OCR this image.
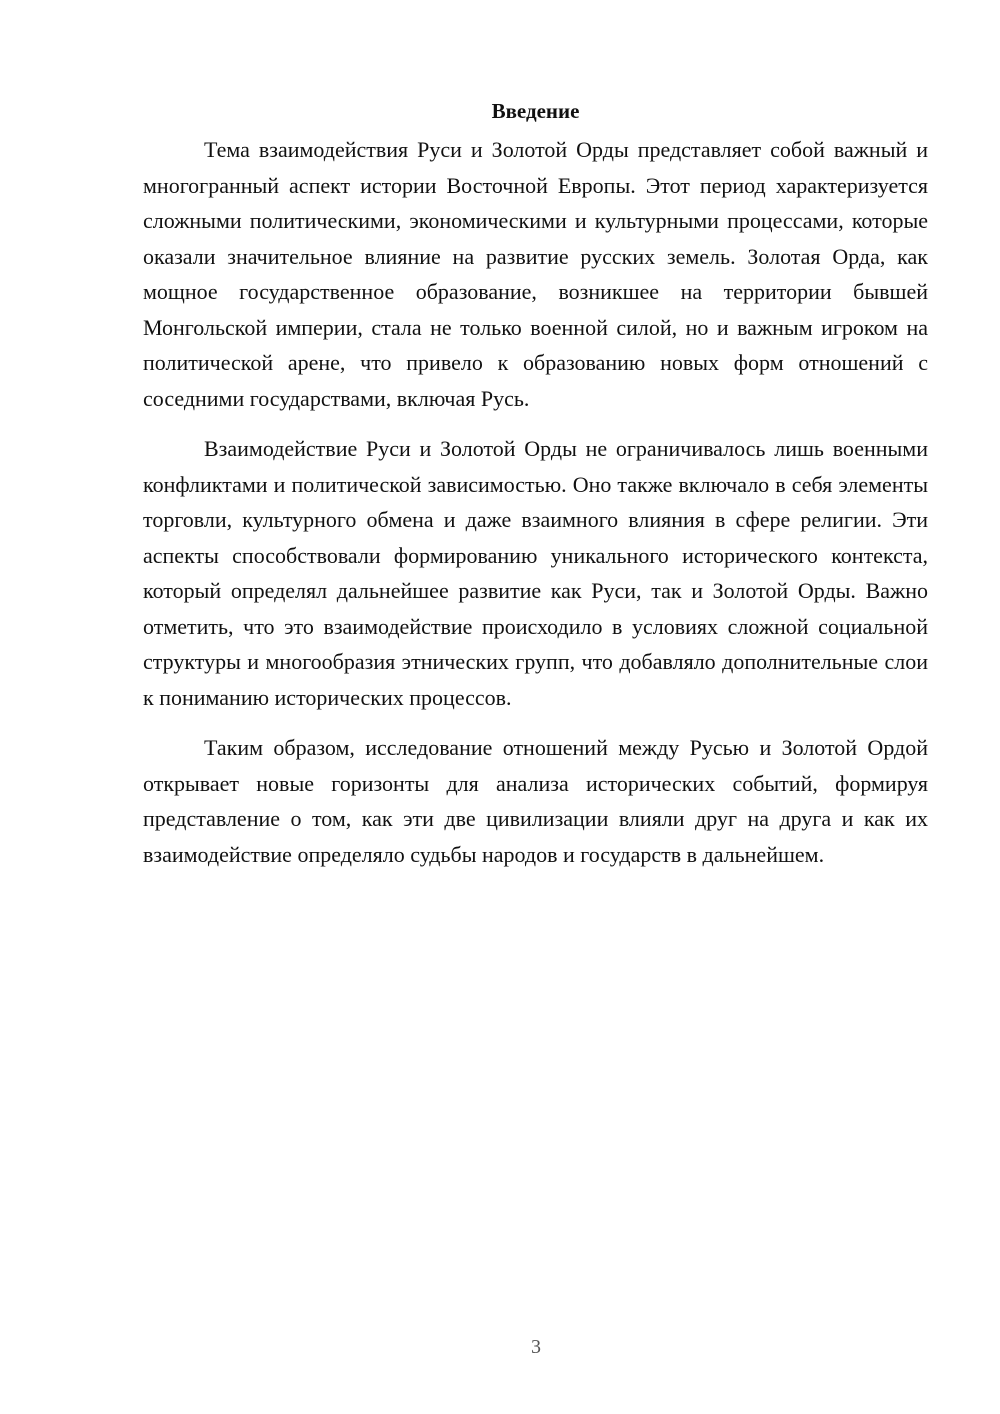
Введение

Тема взаимодействия Руси и Золотой Орды представляет собой важный и многогранный аспект истории Восточной Европы. Этот период характеризуется сложными политическими, экономическими и культурными процессами, которые оказали значительное влияние на развитие русских земель. Золотая Орда, как мощное государственное образование, возникшее на территории бывшей Монгольской империи, стала не только военной силой, но и важным игроком на политической арене, что привело к образованию новых форм отношений с соседними государствами, включая Русь.

Взаимодействие Руси и Золотой Орды не ограничивалось лишь военными конфликтами и политической зависимостью. Оно также включало в себя элементы торговли, культурного обмена и даже взаимного влияния в сфере религии. Эти аспекты способствовали формированию уникального исторического контекста, который определял дальнейшее развитие как Руси, так и Золотой Орды. Важно отметить, что это взаимодействие происходило в условиях сложной социальной структуры и многообразия этнических групп, что добавляло дополнительные слои к пониманию исторических процессов.

Таким образом, исследование отношений между Русью и Золотой Ордой открывает новые горизонты для анализа исторических событий, формируя представление о том, как эти две цивилизации влияли друг на друга и как их взаимодействие определяло судьбы народов и государств в дальнейшем.

3
